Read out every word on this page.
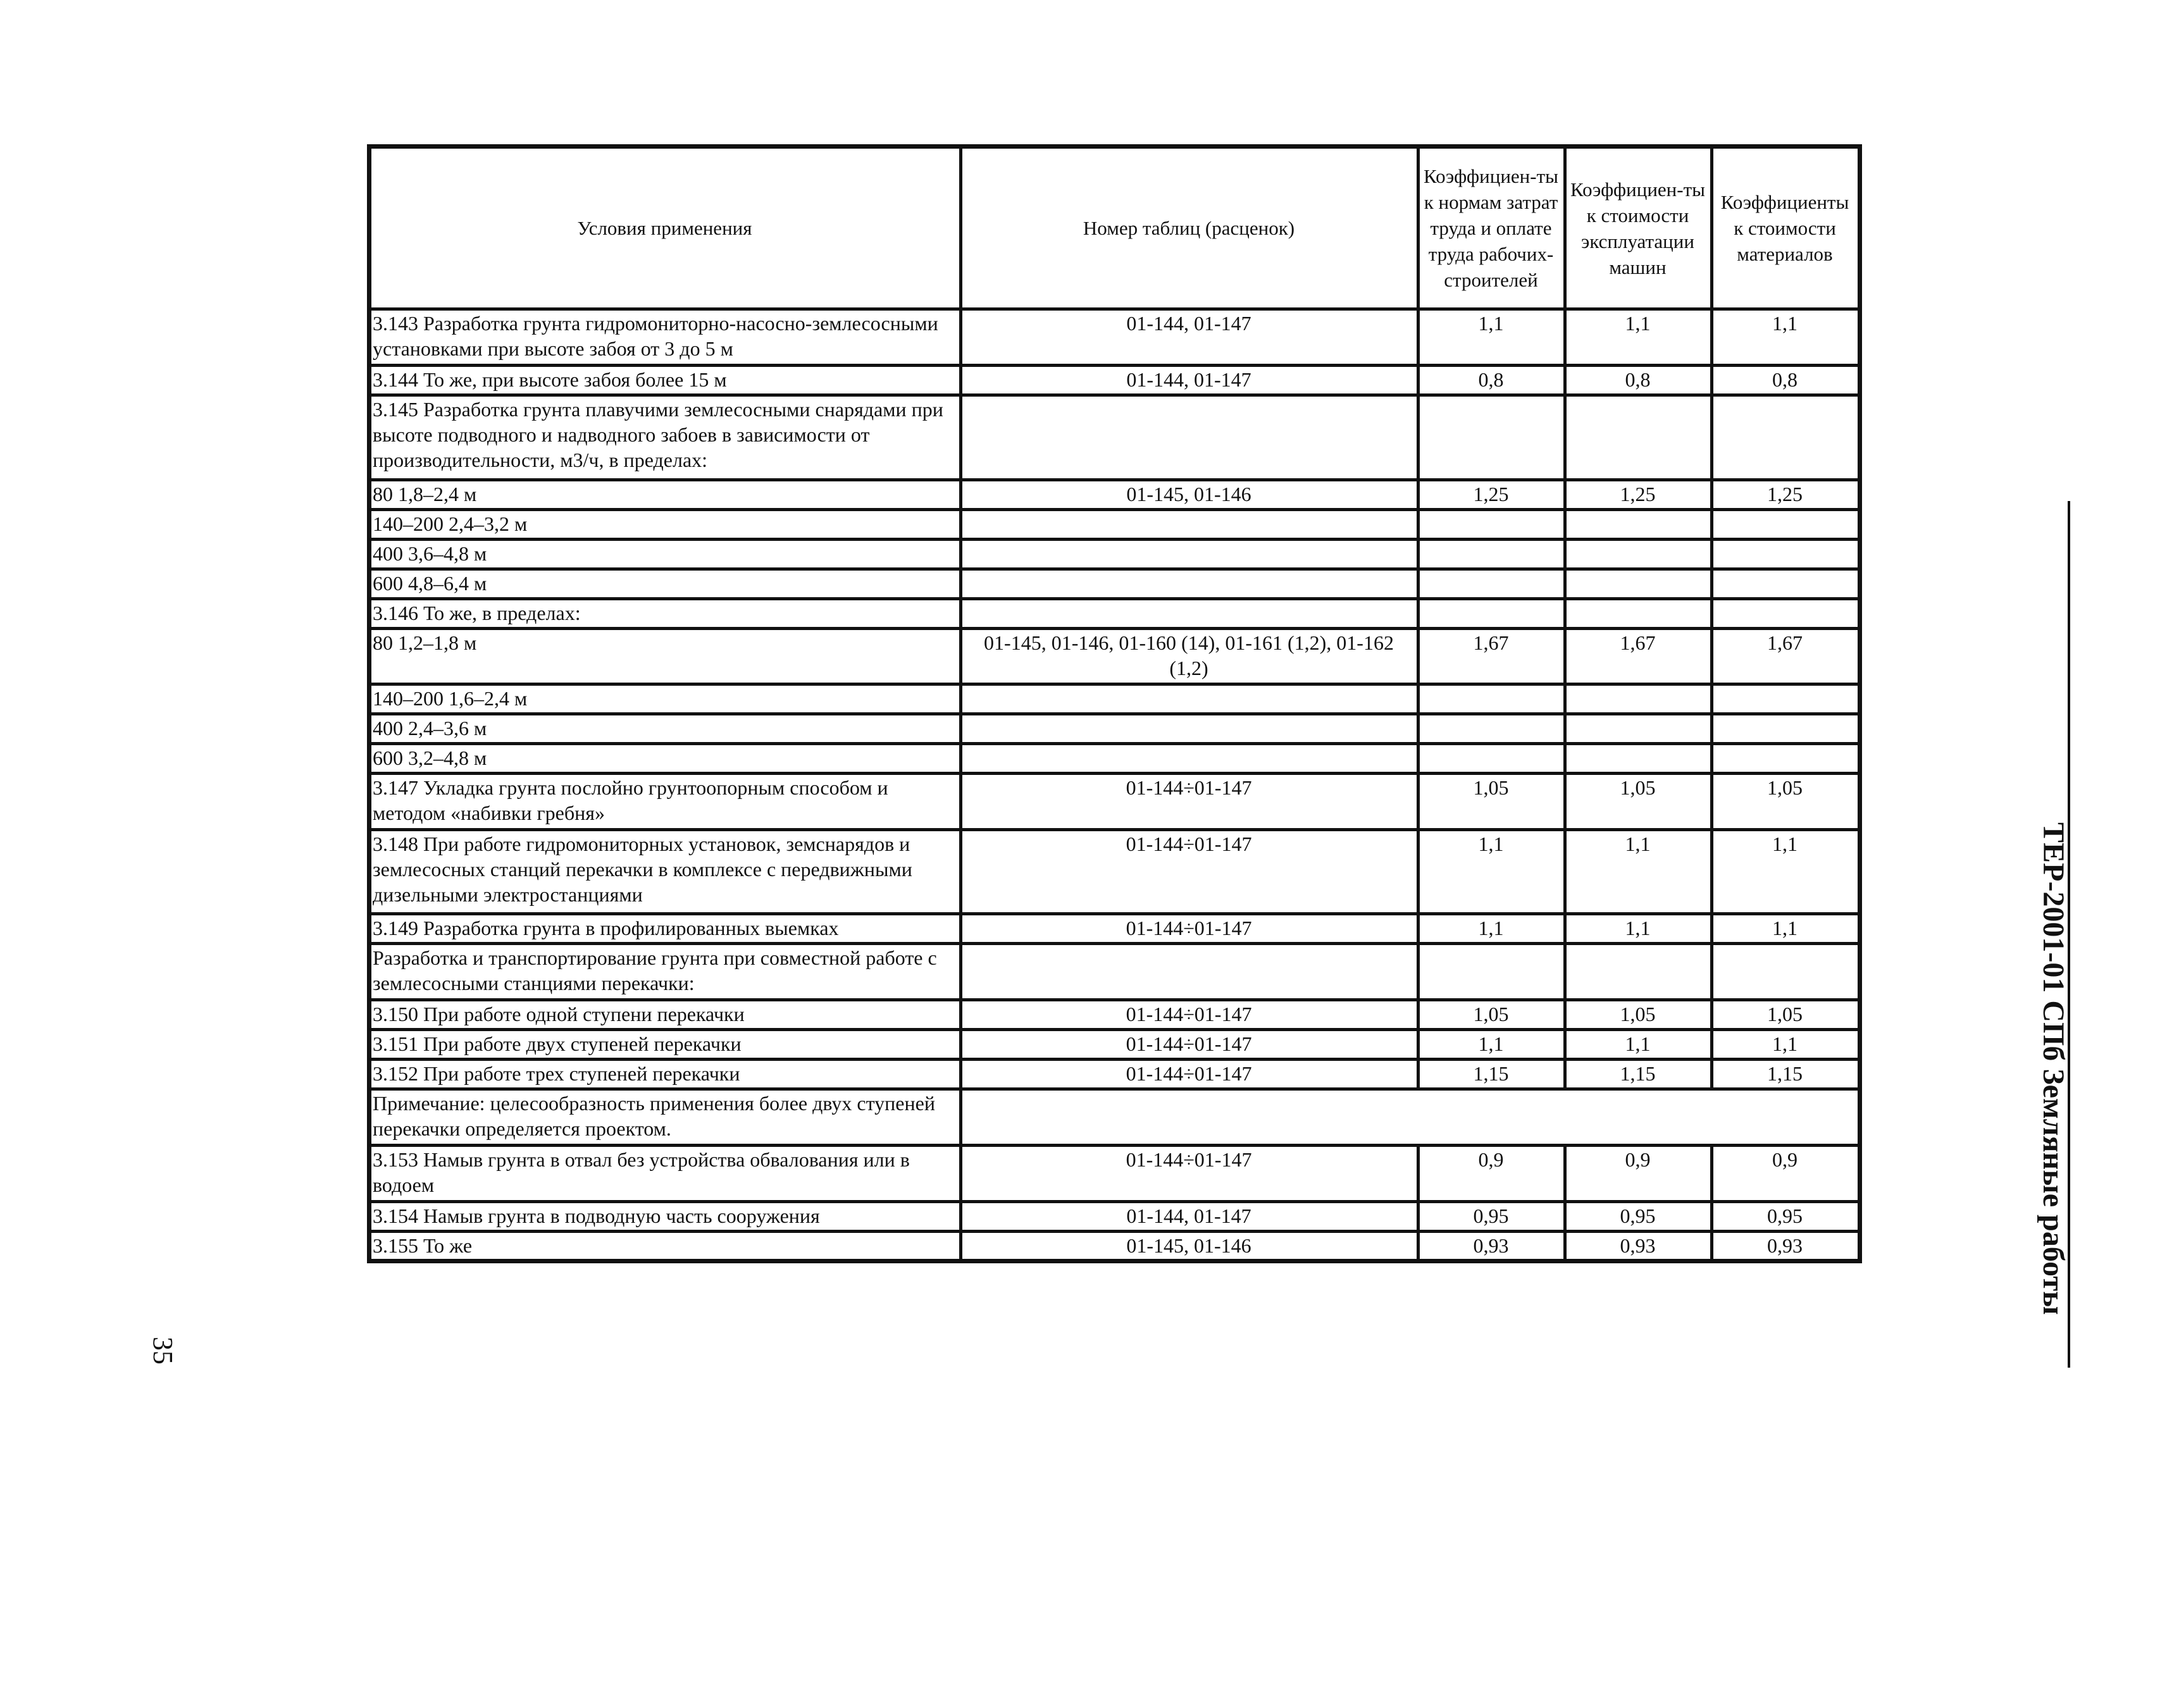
Условия применения	Номер таблиц (расценок)	Коэффициен-ты к нормам затрат труда и оплате труда рабочих-строителей	Коэффициен-ты к стоимости эксплуатации машин	Коэффициенты к стоимости материалов
3.143 Разработка грунта гидромониторно-насосно-землесосными установками при высоте забоя от 3 до 5 м	01-144, 01-147	1,1	1,1	1,1
3.144 То же, при высоте забоя более 15 м	01-144, 01-147	0,8	0,8	0,8
3.145 Разработка грунта плавучими землесосными снарядами при высоте подводного и надводного забоев в зависимости от производительности, м3/ч, в пределах:				
80 1,8–2,4 м	01-145, 01-146	1,25	1,25	1,25
140–200 2,4–3,2 м				
400 3,6–4,8 м				
600 4,8–6,4 м				
3.146 То же, в пределах:				
80 1,2–1,8 м	01-145, 01-146, 01-160 (14), 01-161 (1,2), 01-162 (1,2)	1,67	1,67	1,67
140–200 1,6–2,4 м				
400 2,4–3,6 м				
600 3,2–4,8 м				
3.147 Укладка грунта послойно грунтоопорным способом и методом «набивки гребня»	01-144÷01-147	1,05	1,05	1,05
3.148 При работе гидромониторных установок, земснарядов и землесосных станций перекачки в комплексе с передвижными дизельными электростанциями	01-144÷01-147	1,1	1,1	1,1
3.149 Разработка грунта в профилированных выемках	01-144÷01-147	1,1	1,1	1,1
Разработка и транспортирование грунта при совместной работе с землесосными станциями перекачки:				
3.150 При работе одной ступени перекачки	01-144÷01-147	1,05	1,05	1,05
3.151 При работе двух ступеней перекачки	01-144÷01-147	1,1	1,1	1,1
3.152 При работе трех ступеней перекачки	01-144÷01-147	1,15	1,15	1,15
Примечание: целесообразность применения более двух ступеней перекачки определяется проектом.				
3.153 Намыв грунта в отвал без устройства обвалования или в водоем	01-144÷01-147	0,9	0,9	0,9
3.154 Намыв грунта в подводную часть сооружения	01-144, 01-147	0,95	0,95	0,95
3.155 То же	01-145, 01-146	0,93	0,93	0,93	ТЕР-2001-01 СПб Земляные работы
35
